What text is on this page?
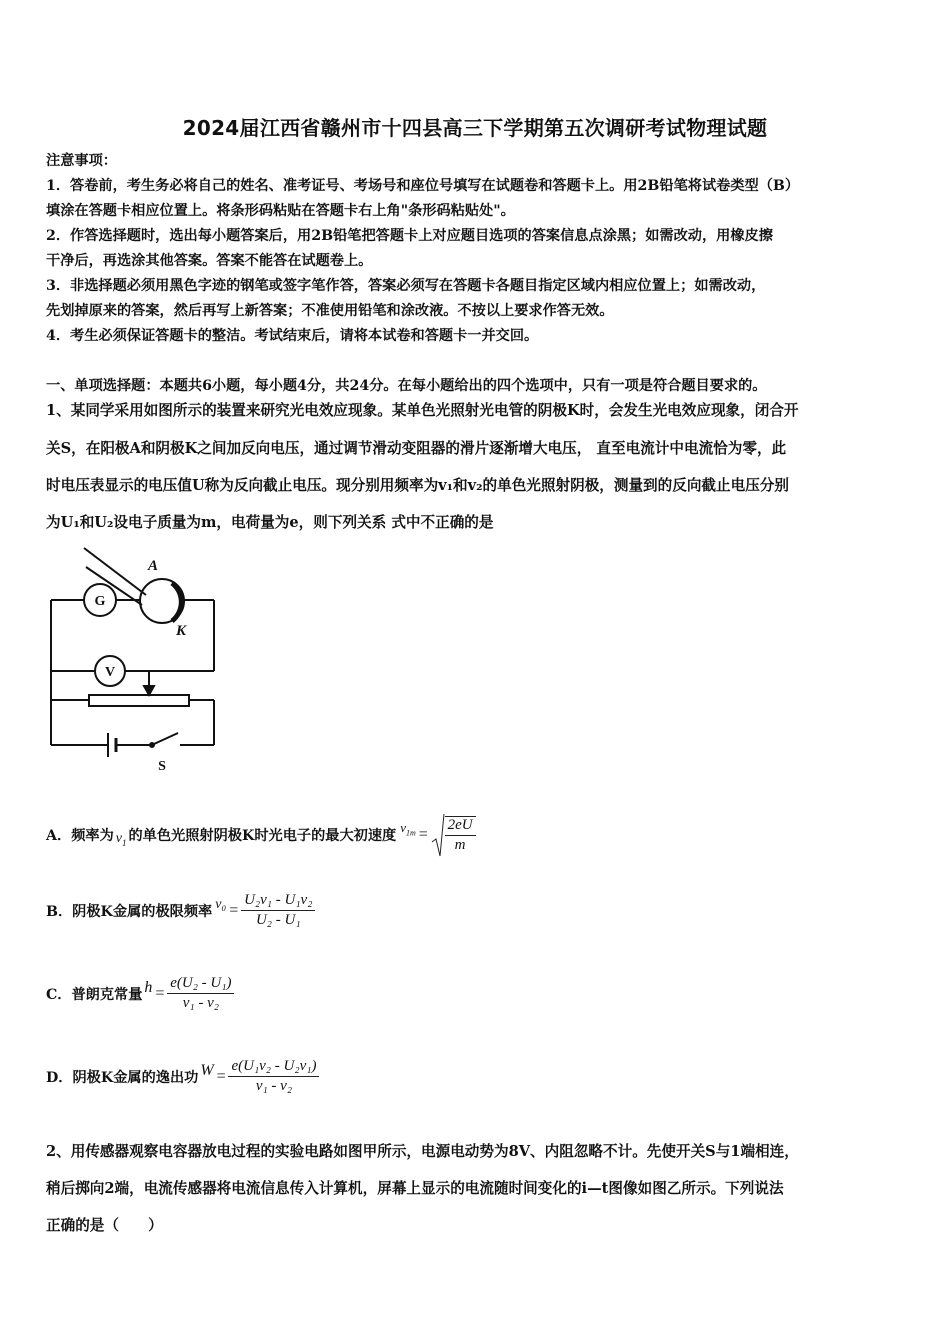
2024届江西省赣州市十四县高三下学期第五次调研考试物理试题
注意事项：
1．答卷前，考生务必将自己的姓名、准考证号、考场号和座位号填写在试题卷和答题卡上。用2B铅笔将试卷类型（B）
填涂在答题卡相应位置上。将条形码粘贴在答题卡右上角"条形码粘贴处"。
2．作答选择题时，选出每小题答案后，用2B铅笔把答题卡上对应题目选项的答案信息点涂黑；如需改动，用橡皮擦
干净后，再选涂其他答案。答案不能答在试题卷上。
3．非选择题必须用黑色字迹的钢笔或签字笔作答，答案必须写在答题卡各题目指定区域内相应位置上；如需改动，
先划掉原来的答案，然后再写上新答案；不准使用铅笔和涂改液。不按以上要求作答无效。
4．考生必须保证答题卡的整洁。考试结束后，请将本试卷和答题卡一并交回。
一、单项选择题：本题共6小题，每小题4分，共24分。在每小题给出的四个选项中，只有一项是符合题目要求的。
1、某同学采用如图所示的装置来研究光电效应现象。某单色光照射光电管的阴极K时，会发生光电效应现象，闭合开
关S，在阳极A和阴极K之间加反向电压，通过调节滑动变阻器的滑片逐渐增大电压， 直至电流计中电流恰为零，此
时电压表显示的电压值U称为反向截止电压。现分别用频率为v₁和v₂的单色光照射阴极，测量到的反向截止电压分别
为U₁和U₂设电子质量为m，电荷量为e，则下列关系 式中不正确的是
A
K
G
V
S
A．频率为 $v_1$ 的单色光照射阴极K时光电子的最大初速度
$v_{1m} = \frac{2eU}{m}$
B．阴极K金属的极限频率 $v_0 = \frac{\text{U₂v₁ - U₁v₂}}{\text{U₂ - U₁}}$
C．普朗克常量 $h = \frac{\text{e(U₂ - U₁)}}{\text{v₁ - v₂}}$
D．阴极K金属的逸出功 $W = \frac{\text{e(U₁v₂ - U₂v₁)}}{\text{v₁ - v₂}}$
2、用传感器观察电容器放电过程的实验电路如图甲所示，电源电动势为8V、内阻忽略不计。先使开关S与1端相连，
稍后掷向2端，电流传感器将电流信息传入计算机，屏幕上显示的电流随时间变化的i—t图像如图乙所示。下列说法
正确的是（　　）
